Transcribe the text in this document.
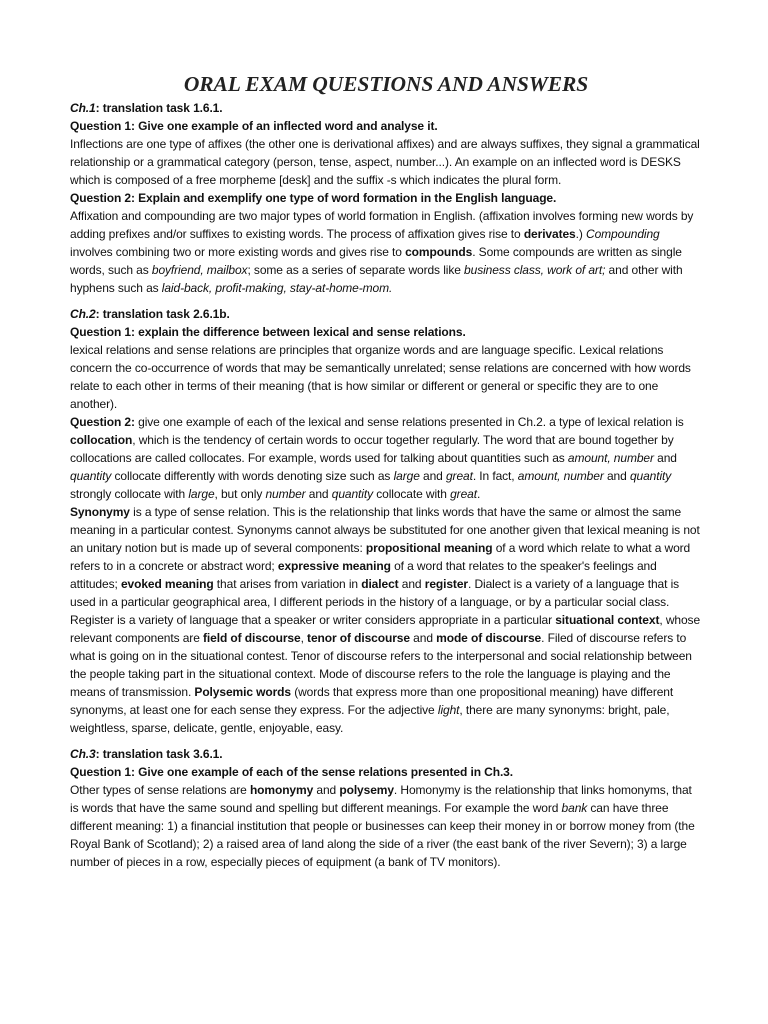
ORAL EXAM QUESTIONS AND ANSWERS

Ch.1: translation task 1.6.1.

Question 1: Give one example of an inflected word and analyse it.

Inflections are one type of affixes (the other one is derivational affixes) and are always suffixes, they signal a grammatical relationship or a grammatical category (person, tense, aspect, number...). An example on an inflected word is DESKS which is composed of a free morpheme [desk] and the suffix -s which indicates the plural form.

Question 2: Explain and exemplify one type of word formation in the English language.

Affixation and compounding are two major types of world formation in English. (affixation involves forming new words by adding prefixes and/or suffixes to existing words. The process of affixation gives rise to derivates.) Compounding involves combining two or more existing words and gives rise to compounds. Some compounds are written as single words, such as boyfriend, mailbox; some as a series of separate words like business class, work of art; and other with hyphens such as laid-back, profit-making, stay-at-home-mom.

Ch.2: translation task 2.6.1b.

Question 1: explain the difference between lexical and sense relations.

lexical relations and sense relations are principles that organize words and are language specific. Lexical relations concern the co-occurrence of words that may be semantically unrelated; sense relations are concerned with how words relate to each other in terms of their meaning (that is how similar or different or general or specific they are to one another).

Question 2: give one example of each of the lexical and sense relations presented in Ch.2. a type of lexical relation is collocation, which is the tendency of certain words to occur together regularly. The word that are bound together by collocations are called collocates. For example, words used for talking about quantities such as amount, number and quantity collocate differently with words denoting size such as large and great. In fact, amount, number and quantity strongly collocate with large, but only number and quantity collocate with great.

Synonymy is a type of sense relation. This is the relationship that links words that have the same or almost the same meaning in a particular contest. Synonyms cannot always be substituted for one another given that lexical meaning is not an unitary notion but is made up of several components: propositional meaning of a word which relate to what a word refers to in a concrete or abstract word; expressive meaning of a word that relates to the speaker's feelings and attitudes; evoked meaning that arises from variation in dialect and register. Dialect is a variety of a language that is used in a particular geographical area, I different periods in the history of a language, or by a particular social class. Register is a variety of language that a speaker or writer considers appropriate in a particular situational context, whose relevant components are field of discourse, tenor of discourse and mode of discourse. Filed of discourse refers to what is going on in the situational contest. Tenor of discourse refers to the interpersonal and social relationship between the people taking part in the situational context. Mode of discourse refers to the role the language is playing and the means of transmission. Polysemic words (words that express more than one propositional meaning) have different synonyms, at least one for each sense they express. For the adjective light, there are many synonyms: bright, pale, weightless, sparse, delicate, gentle, enjoyable, easy.

Ch.3: translation task 3.6.1.

Question 1: Give one example of each of the sense relations presented in Ch.3.

Other types of sense relations are homonymy and polysemy. Homonymy is the relationship that links homonyms, that is words that have the same sound and spelling but different meanings. For example the word bank can have three different meaning: 1) a financial institution that people or businesses can keep their money in or borrow money from (the Royal Bank of Scotland); 2) a raised area of land along the side of a river (the east bank of the river Severn); 3) a large number of pieces in a row, especially pieces of equipment (a bank of TV monitors).
